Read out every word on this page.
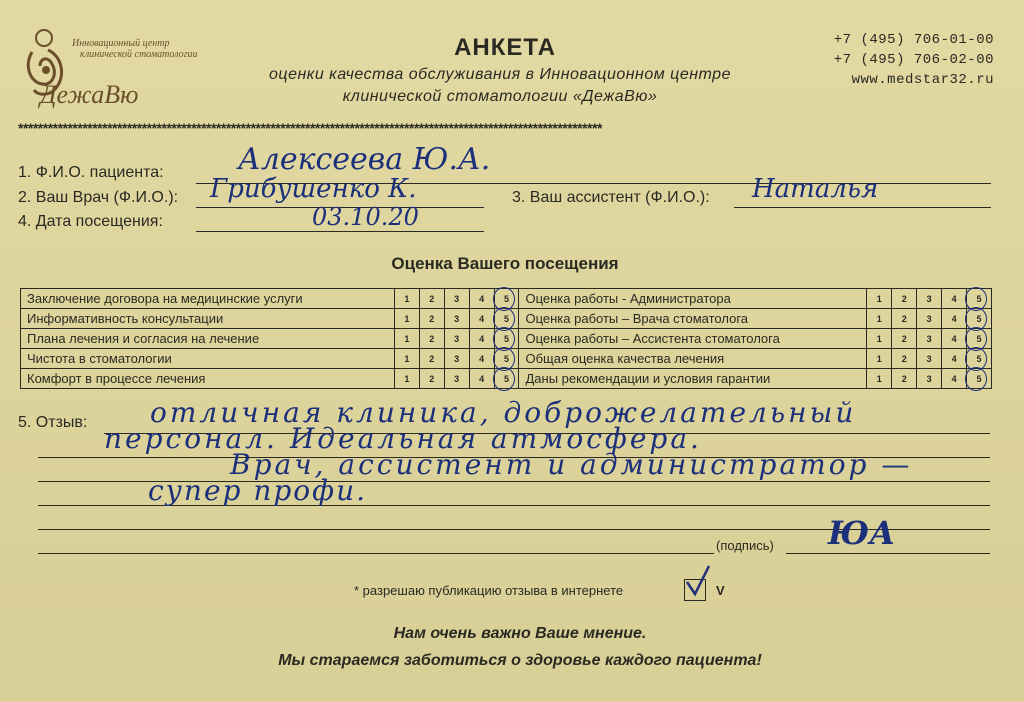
Инновационный центр
клинической стоматологии
ДежаВю
АНКЕТА
оценки качества обслуживания в Инновационном центре
клинической стоматологии «ДежаВю»
+7 (495) 706-01-00
+7 (495) 706-02-00
www.medstar32.ru
**********************************************************************************************************************
1. Ф.И.О. пациента: Алексеева Ю.А.
2. Ваш Врач (Ф.И.О.): Грибушенко К.	3. Ваш ассистент (Ф.И.О.): Наталья
4. Дата посещения:	03.10.20
Оценка Вашего посещения
Заключение договора на медицинские услуги	1	2	3	4	5	Оценка работы - Администратора	1	2	3	4	5

Информативность консультации	1	2	3	4	5	Оценка работы – Врача стоматолога	1	2	3	4	5

Плана лечения и согласия на лечение	1	2	3	4	5	Оценка работы – Ассистента стоматолога	1	2	3	4	5

Чистота в стоматологии	1	2	3	4	5	Общая оценка качества лечения	1	2	3	4	5

Комфорт в процессе лечения	1	2	3	4	5	Даны рекомендации и условия гарантии	1	2	3	4	5
5. Отзыв: отличная клиника, доброжелательный
персонал. Идеальная атмосфера.
Врач, ассистент и администратор —
супер профи.
(подпись) ЮА
* разрешаю публикацию отзыва в интернете	V
Нам очень важно Ваше мнение.
Мы стараемся заботиться о здоровье каждого пациента!
